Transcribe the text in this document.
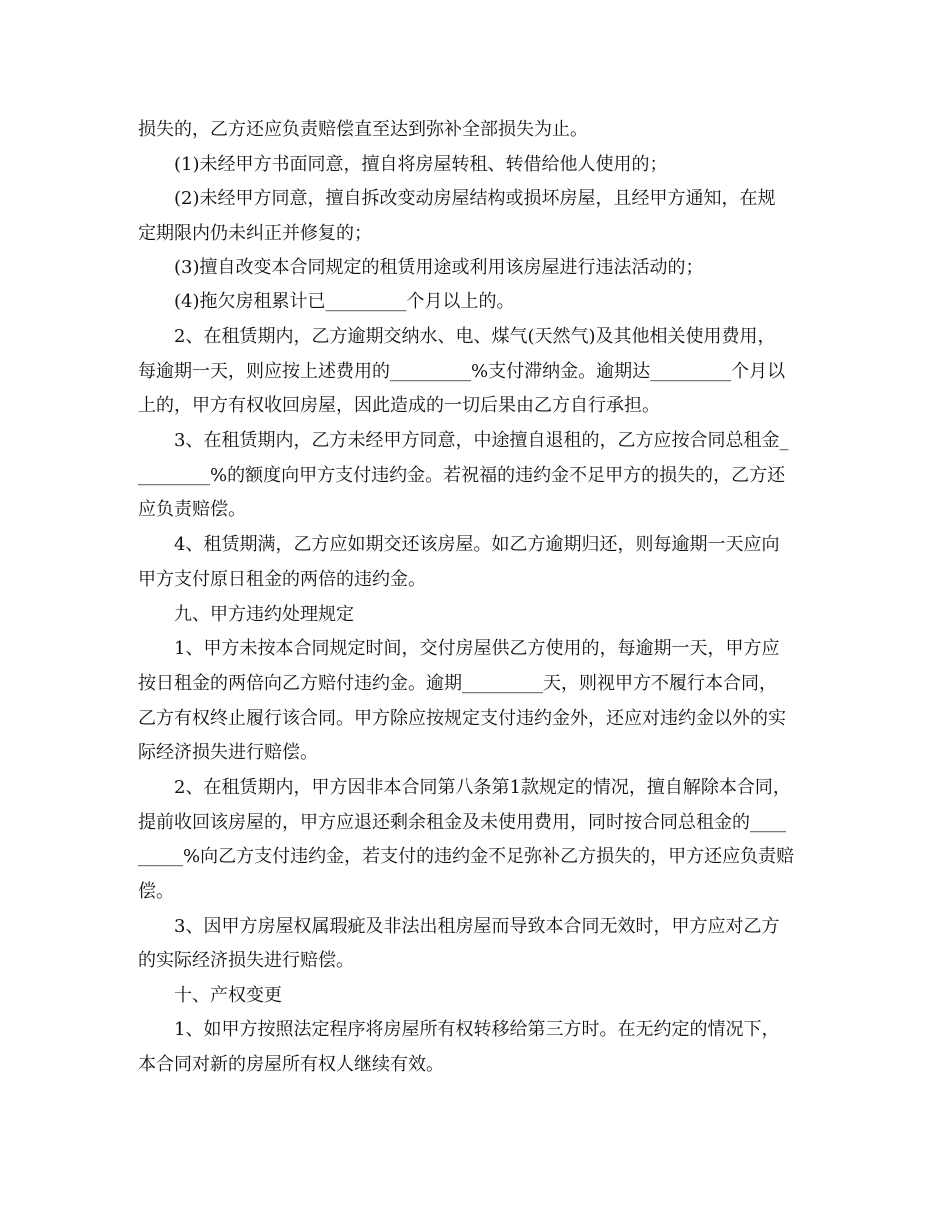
损失的，乙方还应负责赔偿直至达到弥补全部损失为止。

(1)未经甲方书面同意，擅自将房屋转租、转借给他人使用的；

(2)未经甲方同意，擅自拆改变动房屋结构或损坏房屋，且经甲方通知，在规

定期限内仍未纠正并修复的；

(3)擅自改变本合同规定的租赁用途或利用该房屋进行违法活动的；

(4)拖欠房租累计已_________个月以上的。

2、在租赁期内，乙方逾期交纳水、电、煤气(天然气)及其他相关使用费用，

每逾期一天，则应按上述费用的_________%支付滞纳金。逾期达_________个月以

上的，甲方有权收回房屋，因此造成的一切后果由乙方自行承担。

3、在租赁期内，乙方未经甲方同意，中途擅自退租的，乙方应按合同总租金_

________%的额度向甲方支付违约金。若祝福的违约金不足甲方的损失的，乙方还

应负责赔偿。

4、租赁期满，乙方应如期交还该房屋。如乙方逾期归还，则每逾期一天应向

甲方支付原日租金的两倍的违约金。

九、甲方违约处理规定

1、甲方未按本合同规定时间，交付房屋供乙方使用的，每逾期一天，甲方应

按日租金的两倍向乙方赔付违约金。逾期_________天，则视甲方不履行本合同，

乙方有权终止履行该合同。甲方除应按规定支付违约金外，还应对违约金以外的实

际经济损失进行赔偿。

2、在租赁期内，甲方因非本合同第八条第1款规定的情况，擅自解除本合同，

提前收回该房屋的，甲方应退还剩余租金及未使用费用，同时按合同总租金的____

_____%向乙方支付违约金，若支付的违约金不足弥补乙方损失的，甲方还应负责赔

偿。

3、因甲方房屋权属瑕疵及非法出租房屋而导致本合同无效时，甲方应对乙方

的实际经济损失进行赔偿。

十、产权变更

1、如甲方按照法定程序将房屋所有权转移给第三方时。在无约定的情况下，

本合同对新的房屋所有权人继续有效。
